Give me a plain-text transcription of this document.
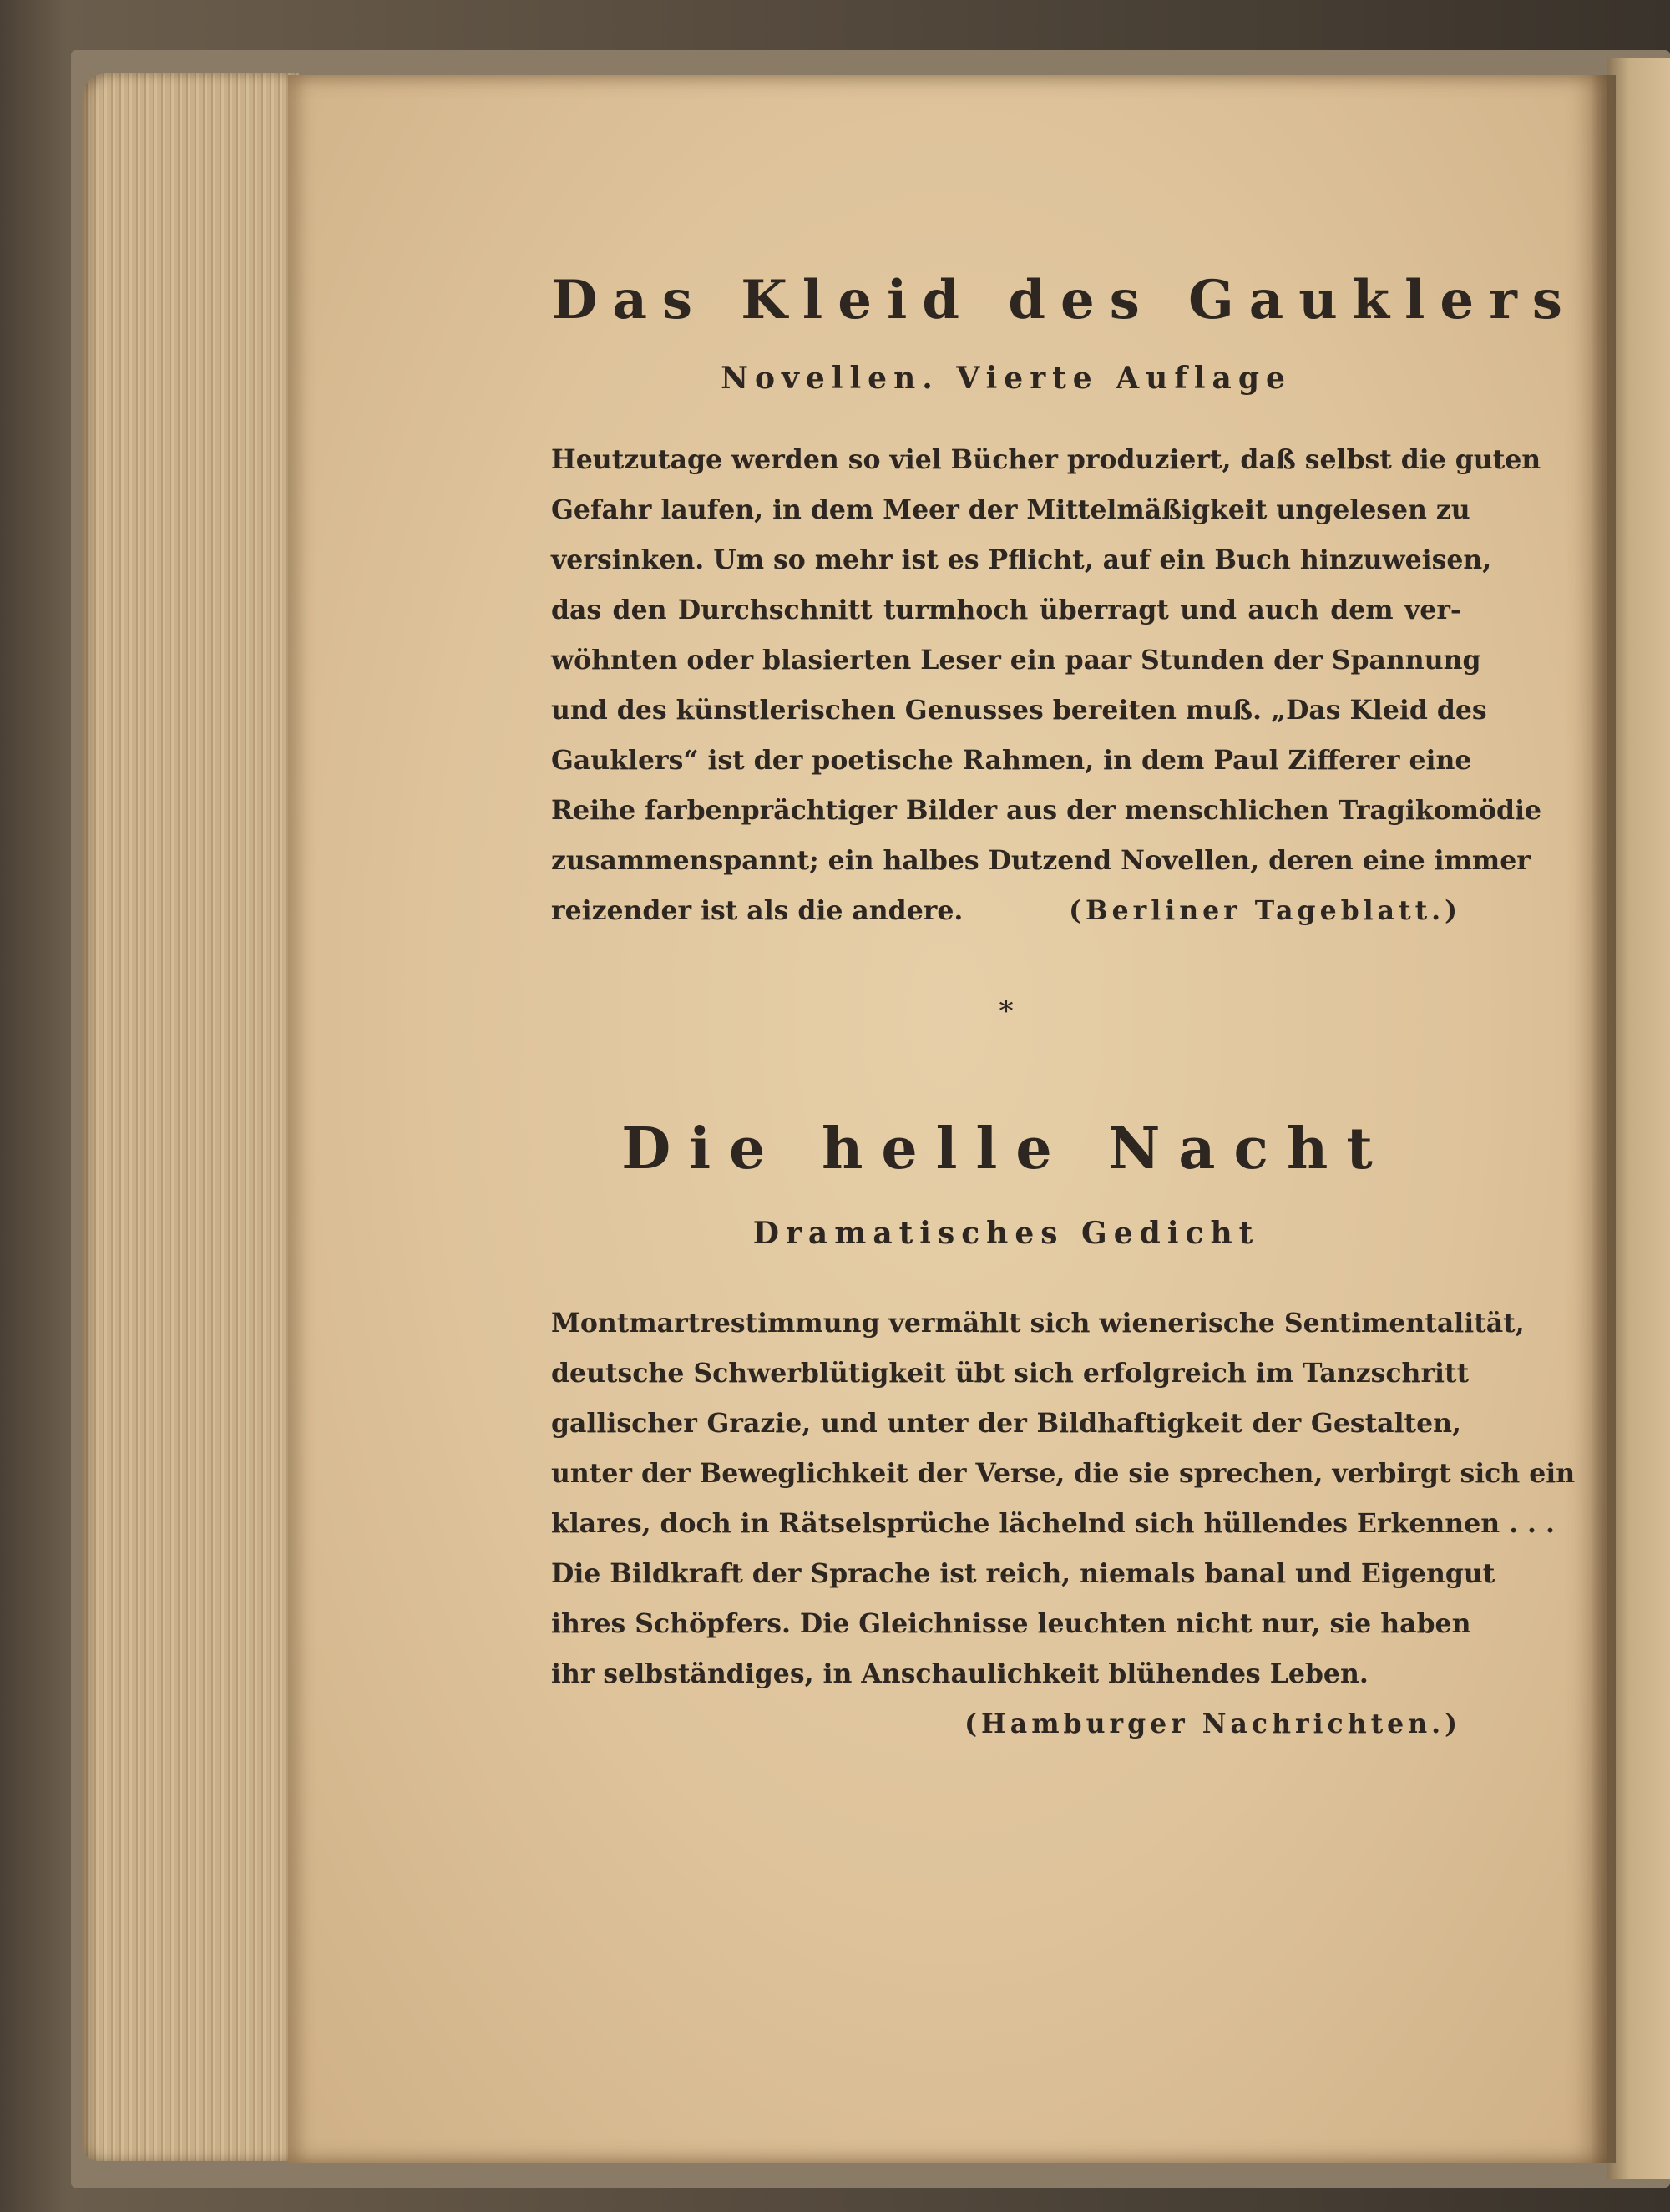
Das Kleid des Gauklers
Novellen. Vierte Auflage
Heutzutage werden so viel Bücher produziert, daß selbst die guten
Gefahr laufen, in dem Meer der Mittelmäßigkeit ungelesen zu
versinken. Um so mehr ist es Pflicht, auf ein Buch hinzuweisen,
das den Durchschnitt turmhoch überragt und auch dem ver-
wöhnten oder blasierten Leser ein paar Stunden der Spannung
und des künstlerischen Genusses bereiten muß. „Das Kleid des
Gauklers“ ist der poetische Rahmen, in dem Paul Zifferer eine
Reihe farbenprächtiger Bilder aus der menschlichen Tragikomödie
zusammenspannt; ein halbes Dutzend Novellen, deren eine immer
reizender ist als die andere.	(Berliner Tageblatt.)
*
Die helle Nacht
Dramatisches Gedicht
Montmartrestimmung vermählt sich wienerische Sentimentalität,
deutsche Schwerblütigkeit übt sich erfolgreich im Tanzschritt
gallischer Grazie, und unter der Bildhaftigkeit der Gestalten,
unter der Beweglichkeit der Verse, die sie sprechen, verbirgt sich ein
klares, doch in Rätselsprüche lächelnd sich hüllendes Erkennen . . .
Die Bildkraft der Sprache ist reich, niemals banal und Eigengut
ihres Schöpfers. Die Gleichnisse leuchten nicht nur, sie haben
ihr selbständiges, in Anschaulichkeit blühendes Leben.
(Hamburger Nachrichten.)
